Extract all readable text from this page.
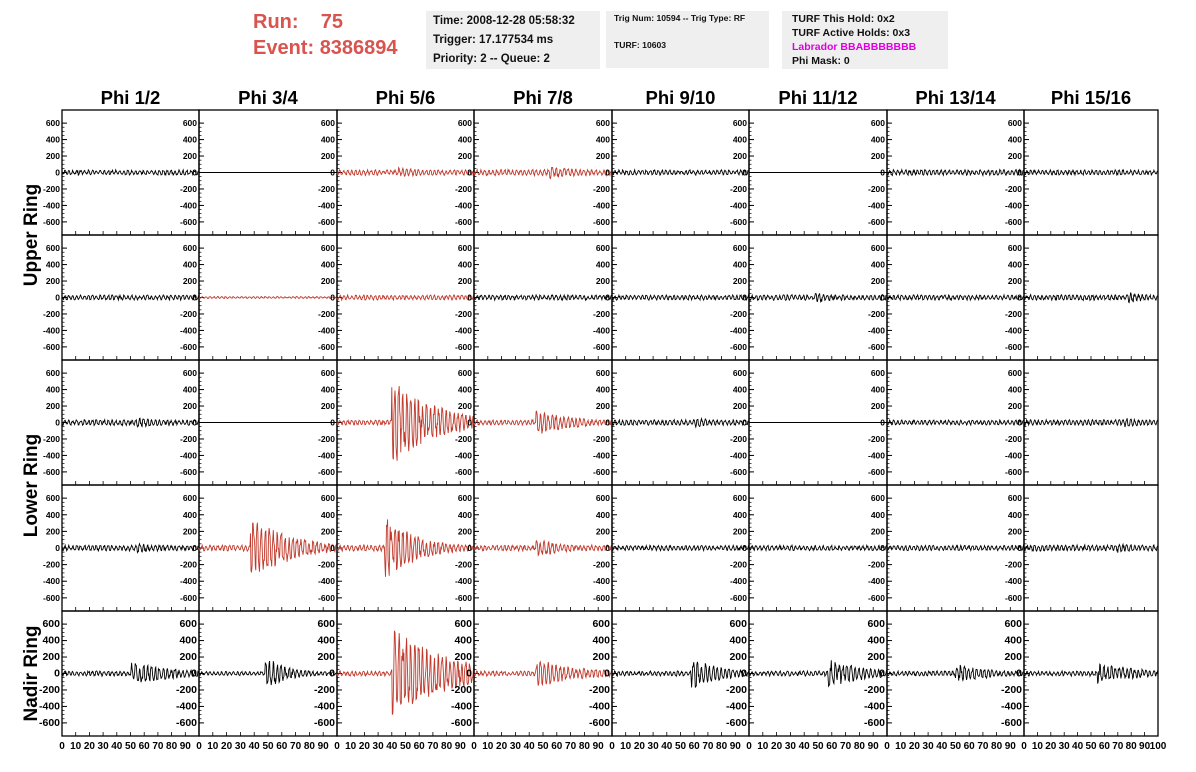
Run: 75
Event: 8386894
Time: 2008-12-28 05:58:32
Trigger: 17.177534 ms
Priority: 2 -- Queue: 2
Trig Num: 10594 -- Trig Type: RF
TURF: 10603
TURF This Hold: 0x2
TURF Active Holds: 0x3
Labrador BBABBBBBBB
Phi Mask: 0
Phi 1/2	Phi 3/4	Phi 5/6	Phi 7/8	Phi 9/10	Phi 11/12	Phi 13/14	Phi 15/16
Upper Ring
Lower Ring
Nadir Ring
-600
-400
-200
0
200
400
600
-600
-400
-200
0
200
400
600
-600
-400
-200
0
200
400
600
-600
-400
-200
0
200
400
600
-600
-400
-200
0
200
400
600
-600
-400
-200
0
200
400
600
-600
-400
-200
0
200
400
600
-600
-400
-200
0
200
400
600
-600
-400
-200
0
200
400
600
-600
-400
-200
0
200
400
600
-600
-400
-200
0
200
400
600
-600
-400
-200
0
200
400
600
-600
-400
-200
0
200
400
600
-600
-400
-200
0
200
400
600
-600
-400
-200
0
200
400
600
-600
-400
-200
0
200
400
600
-600
-400
-200
0
200
400
600
-600
-400
-200
0
200
400
600
-600
-400
-200
0
200
400
600
-600
-400
-200
0
200
400
600
-600
-400
-200
0
200
400
600
-600
-400
-200
0
200
400
600
-600
-400
-200
0
200
400
600
-600
-400
-200
0
200
400
600
-600
-400
-200
0
200
400
600
-600
-400
-200
0
200
400
600
-600
-400
-200
0
200
400
600
-600
-400
-200
0
200
400
600
-600
-400
-200
0
200
400
600
-600
-400
-200
0
200
400
600
-600
-400
-200
0
200
400
600
-600
-400
-200
0
200
400
600
-600
-400
-200
0
200
400
600
-600
-400
-200
0
200
400
600
-600
-400
-200
0
200
400
600
-600
-400
-200
0
200
400
600
-600
-400
-200
0
200
400
600
-600
-400
-200
0
200
400
600
-600
-400
-200
0
200
400
600
-600
-400
-200
0
200
400
600
0 10 20 30 40 50 60 70 80 90 0 10 20 30 40 50 60 70 80 90 0 10 20 30 40 50 60 70 80 90 0 10 20 30 40 50 60 70 80 90 0 10 20 30 40 50 60 70 80 90 0 10 20 30 40 50 60 70 80 90 0 10 20 30 40 50 60 70 80 90 0 10 20 30 40 50 60 70 80 90 100
